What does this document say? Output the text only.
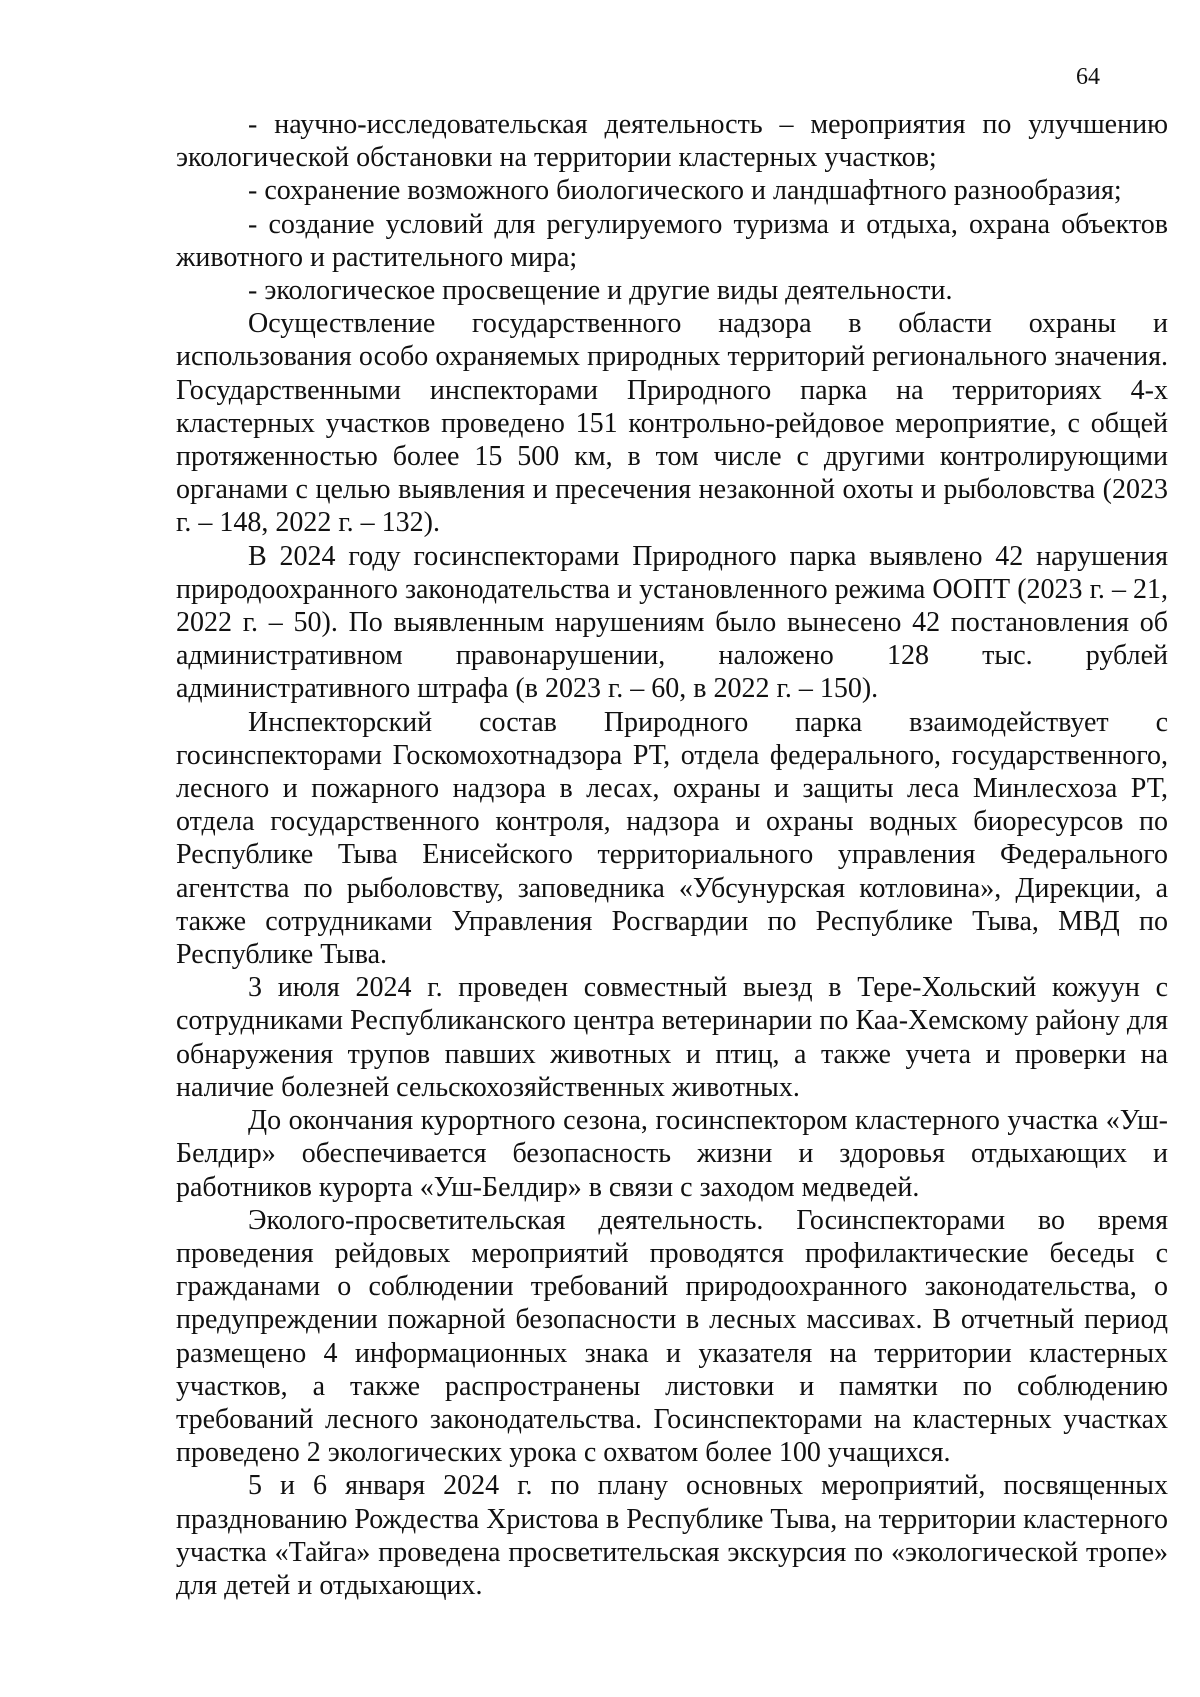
64

- научно-исследовательская деятельность – мероприятия по улучшению экологической обстановки на территории кластерных участков;

- сохранение возможного биологического и ландшафтного разнообразия;

- создание условий для регулируемого туризма и отдыха, охрана объектов животного и растительного мира;

- экологическое просвещение и другие виды деятельности.

Осуществление государственного надзора в области охраны и использования особо охраняемых природных территорий регионального значения. Государственными инспекторами Природного парка на территориях 4-х кластерных участков проведено 151 контрольно-рейдовое мероприятие, с общей протяженностью более 15 500 км, в том числе с другими контролирующими органами с целью выявления и пресечения незаконной охоты и рыболовства (2023 г. – 148, 2022 г. – 132).

В 2024 году госинспекторами Природного парка выявлено 42 нарушения природоохранного законодательства и установленного режима ООПТ (2023 г. – 21, 2022 г. – 50). По выявленным нарушениям было вынесено 42 постановления об административном правонарушении, наложено 128 тыс. рублей административного штрафа (в 2023 г. – 60, в 2022 г. – 150).

Инспекторский состав Природного парка взаимодействует с госинспекторами Госкомохотнадзора РТ, отдела федерального, государственного, лесного и пожарного надзора в лесах, охраны и защиты леса Минлесхоза РТ, отдела государственного контроля, надзора и охраны водных биоресурсов по Республике Тыва Енисейского территориального управления Федерального агентства по рыболовству, заповедника «Убсунурская котловина», Дирекции, а также сотрудниками Управления Росгвардии по Республике Тыва, МВД по Республике Тыва.

3 июля 2024 г. проведен совместный выезд в Тере-Хольский кожуун с сотрудниками Республиканского центра ветеринарии по Каа-Хемскому району для обнаружения трупов павших животных и птиц, а также учета и проверки на наличие болезней сельскохозяйственных животных.

До окончания курортного сезона, госинспектором кластерного участка «Уш-Белдир» обеспечивается безопасность жизни и здоровья отдыхающих и работников курорта «Уш-Белдир» в связи с заходом медведей.

Эколого-просветительская деятельность. Госинспекторами во время проведения рейдовых мероприятий проводятся профилактические беседы с гражданами о соблюдении требований природоохранного законодательства, о предупреждении пожарной безопасности в лесных массивах. В отчетный период размещено 4 информационных знака и указателя на территории кластерных участков, а также распространены листовки и памятки по соблюдению требований лесного законодательства. Госинспекторами на кластерных участках проведено 2 экологических урока с охватом более 100 учащихся.

5 и 6 января 2024 г. по плану основных мероприятий, посвященных празднованию Рождества Христова в Республике Тыва, на территории кластерного участка «Тайга» проведена просветительская экскурсия по «экологической тропе» для детей и отдыхающих.
